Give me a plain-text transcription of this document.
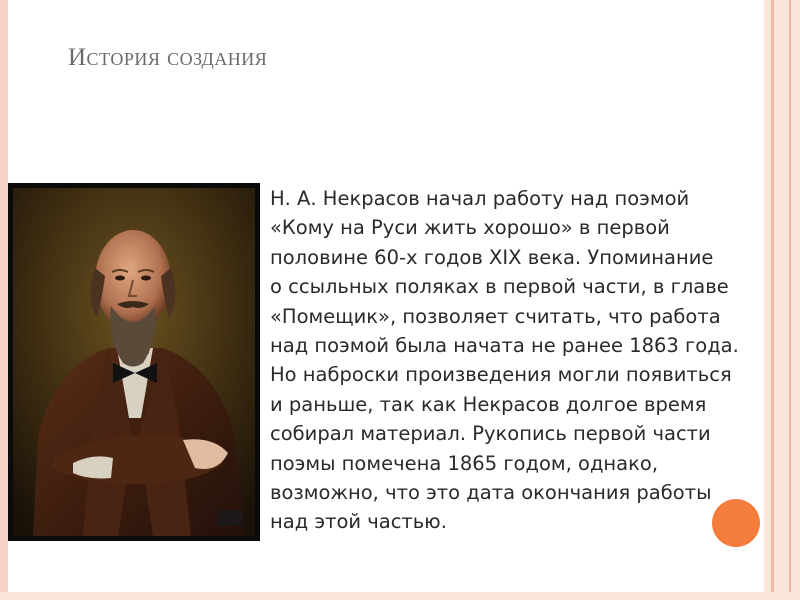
История создания

Н. А. Некрасов начал работу над поэмой
«Кому на Руси жить хорошо» в первой
половине 60-х годов XIX века. Упоминание
о ссыльных поляках в первой части, в главе
«Помещик», позволяет считать, что работа
над поэмой была начата не ранее 1863 года.
Но наброски произведения могли появиться
и раньше, так как Некрасов долгое время
собирал материал. Рукопись первой части
поэмы помечена 1865 годом, однако,
возможно, что это дата окончания работы
над этой частью.
